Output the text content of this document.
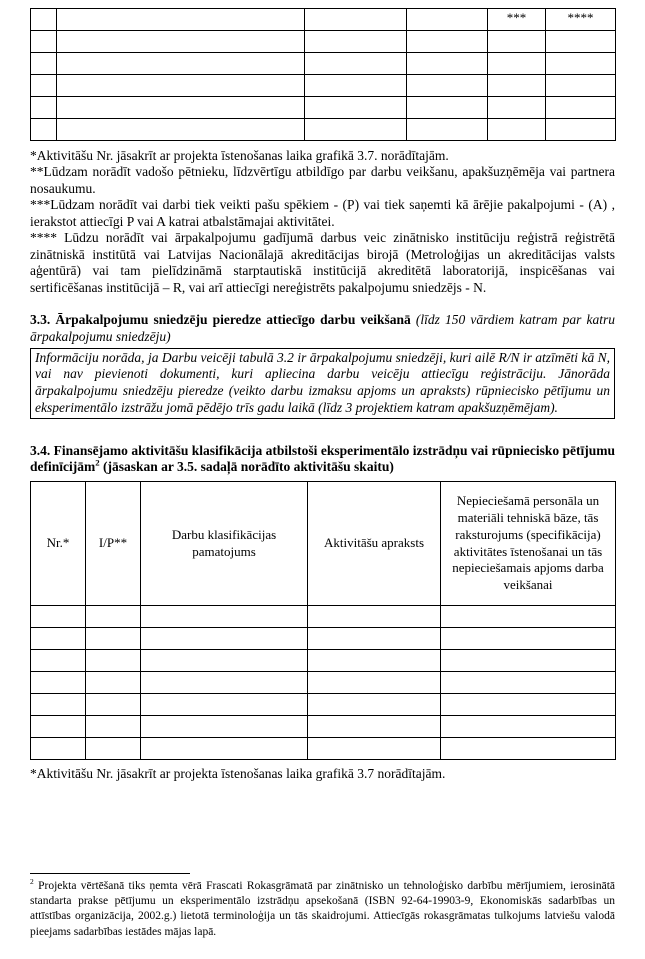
				***	****

*Aktivitāšu Nr. jāsakrīt ar projekta īstenošanas laika grafikā 3.7. norādītajām.

**Lūdzam norādīt vadošo pētnieku, līdzvērtīgu atbildīgo par darbu veikšanu, apakšuzņēmēja vai partnera nosaukumu.

***Lūdzam norādīt vai darbi tiek veikti pašu spēkiem - (P) vai tiek saņemti kā ārējie pakalpojumi - (A) , ierakstot attiecīgi P vai A katrai atbalstāmajai aktivitātei.

**** Lūdzu norādīt vai ārpakalpojumu gadījumā darbus veic zinātnisko institūciju reģistrā reģistrētā zinātniskā institūtā vai Latvijas Nacionālajā akreditācijas birojā (Metroloģijas un akreditācijas valsts aģentūrā) vai tam pielīdzināmā starptautiskā institūcijā akreditētā laboratorijā, inspicēšanas vai sertificēšanas institūcijā – R, vai arī attiecīgi nereģistrēts pakalpojumu sniedzējs - N.

3.3. Ārpakalpojumu sniedzēju pieredze attiecīgo darbu veikšanā (līdz 150 vārdiem katram par katru ārpakalpojumu sniedzēju)

Informāciju norāda, ja Darbu veicēji tabulā 3.2 ir ārpakalpojumu sniedzēji, kuri ailē R/N ir atzīmēti kā N, vai nav pievienoti dokumenti, kuri apliecina darbu veicēju attiecīgu reģistrāciju. Jānorāda ārpakalpojumu sniedzēju pieredze (veikto darbu izmaksu apjoms un apraksts) rūpniecisko pētījumu un eksperimentālo izstrāžu jomā pēdējo trīs gadu laikā (līdz 3 projektiem katram apakšuzņēmējam).

3.4. Finansējamo aktivitāšu klasifikācija atbilstoši eksperimentālo izstrādņu vai rūpniecisko pētījumu definīcijām$^2$ (jāsaskan ar 3.5. sadaļā norādīto aktivitāšu skaitu)

Nr.*	I/P**	Darbu klasifikācijas pamatojums	Aktivitāšu apraksts	Nepieciešamā personāla un materiāli tehniskā bāze, tās raksturojums (specifikācija) aktivitātes īstenošanai un tās nepieciešamais apjoms darba veikšanai

*Aktivitāšu Nr. jāsakrīt ar projekta īstenošanas laika grafikā 3.7 norādītajām.

$^2$ Projekta vērtēšanā tiks ņemta vērā Frascati Rokasgrāmatā par zinātnisko un tehnoloģisko darbību mērījumiem, ierosinātā standarta prakse pētījumu un eksperimentālo izstrādņu apsekošanā (ISBN 92-64-19903-9, Ekonomiskās sadarbības un attīstības organizācija, 2002.g.) lietotā terminoloģija un tās skaidrojumi. Attiecīgās rokasgrāmatas tulkojums latviešu valodā pieejams sadarbības iestādes mājas lapā.
